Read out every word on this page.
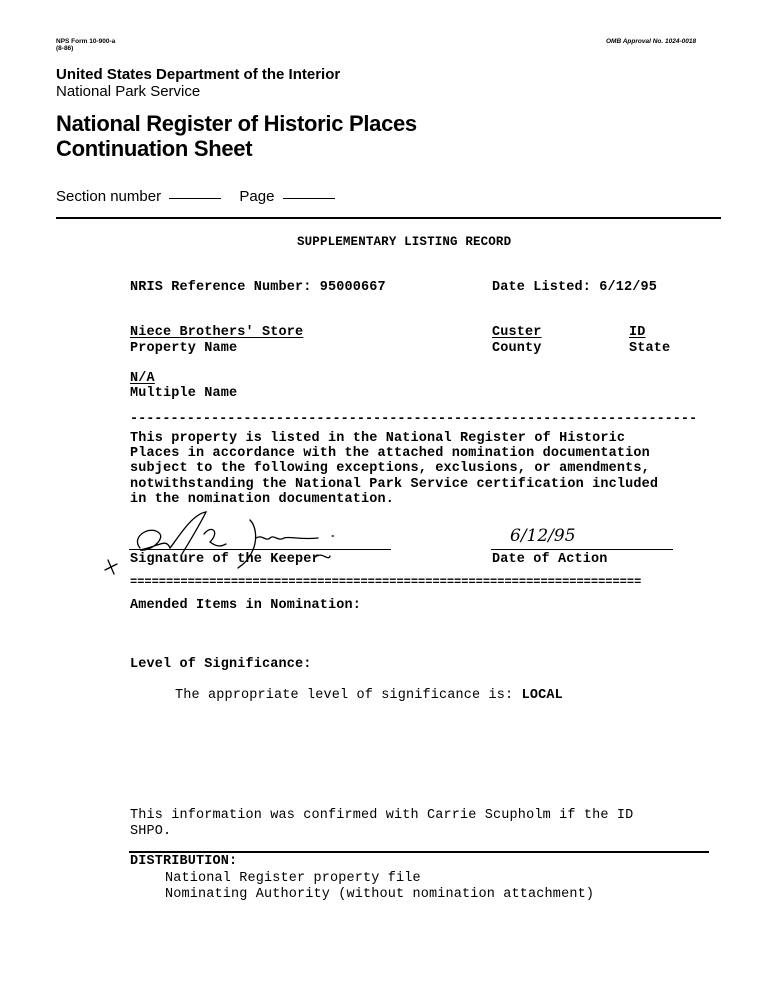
NPS Form 10-900-a
(8-86)
OMB Approval No. 1024-0018
United States Department of the Interior
National Park Service
National Register of Historic Places
Continuation Sheet
Section number	Page
SUPPLEMENTARY LISTING RECORD
NRIS Reference Number: 95000667	Date Listed: 6/12/95
Niece Brothers' Store
Property Name
Custer
County
ID
State
N/A
Multiple Name
----------------------------------------------------------------------
This property is listed in the National Register of Historic
Places in accordance with the attached nomination documentation
subject to the following exceptions, exclusions, or amendments,
notwithstanding the National Park Service certification included
in the nomination documentation.
Signature of the Keeper
6/12/95
Date of Action
=======================================================================
Amended Items in Nomination:
Level of Significance:
The appropriate level of significance is: LOCAL
This information was confirmed with Carrie Scupholm if the ID
SHPO.
DISTRIBUTION:
National Register property file
Nominating Authority (without nomination attachment)
